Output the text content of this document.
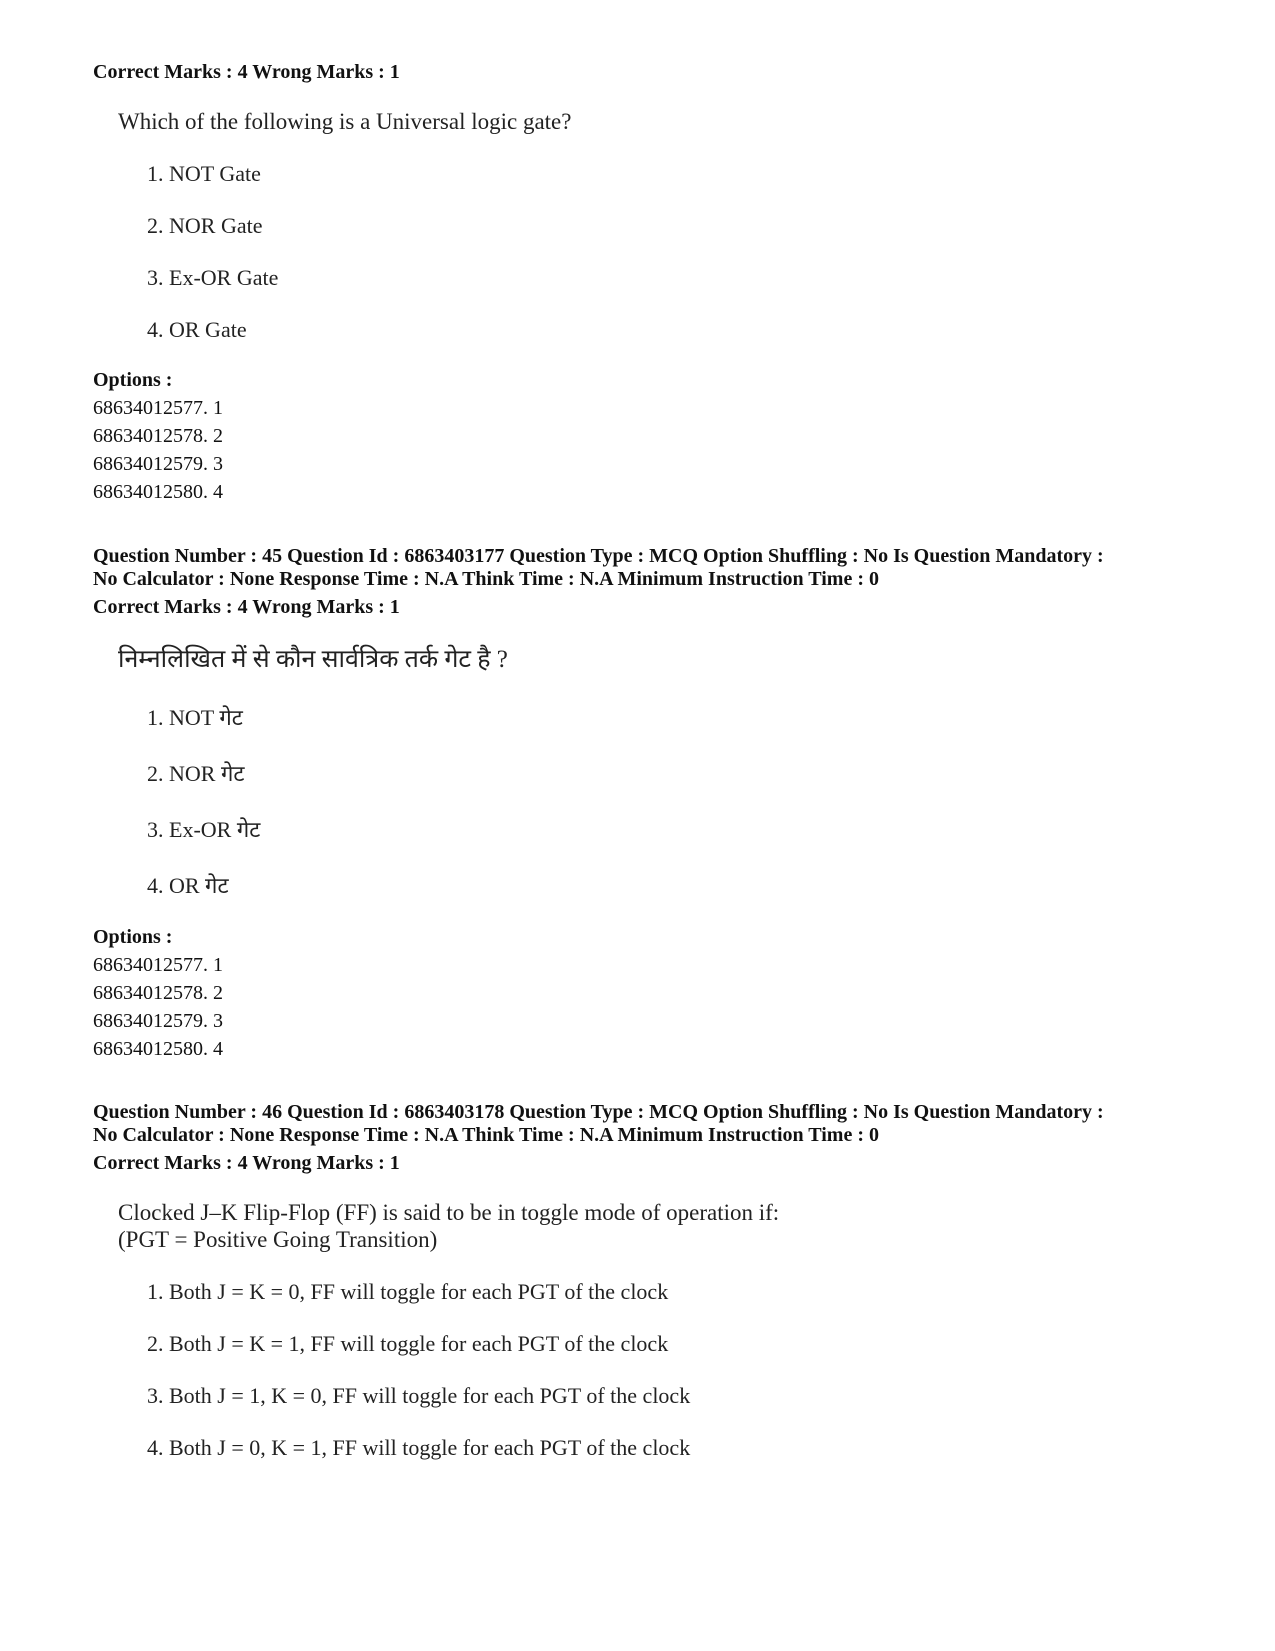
Correct Marks : 4 Wrong Marks : 1

Which of the following is a Universal logic gate?

1. NOT Gate

2. NOR Gate

3. Ex-OR Gate

4. OR Gate

Options :

68634012577. 1

68634012578. 2

68634012579. 3

68634012580. 4

Question Number : 45 Question Id : 6863403177 Question Type : MCQ Option Shuffling : No Is Question Mandatory :

No Calculator : None Response Time : N.A Think Time : N.A Minimum Instruction Time : 0

Correct Marks : 4 Wrong Marks : 1

निम्नलिखित में से कौन सार्वत्रिक तर्क गेट है ?

1. NOT गेट

2. NOR गेट

3. Ex-OR गेट

4. OR गेट

Options :

68634012577. 1

68634012578. 2

68634012579. 3

68634012580. 4

Question Number : 46 Question Id : 6863403178 Question Type : MCQ Option Shuffling : No Is Question Mandatory :

No Calculator : None Response Time : N.A Think Time : N.A Minimum Instruction Time : 0

Correct Marks : 4 Wrong Marks : 1

Clocked J–K Flip-Flop (FF) is said to be in toggle mode of operation if:

(PGT = Positive Going Transition)

1. Both J = K = 0, FF will toggle for each PGT of the clock

2. Both J = K = 1, FF will toggle for each PGT of the clock

3. Both J = 1, K = 0, FF will toggle for each PGT of the clock

4. Both J = 0, K = 1, FF will toggle for each PGT of the clock
